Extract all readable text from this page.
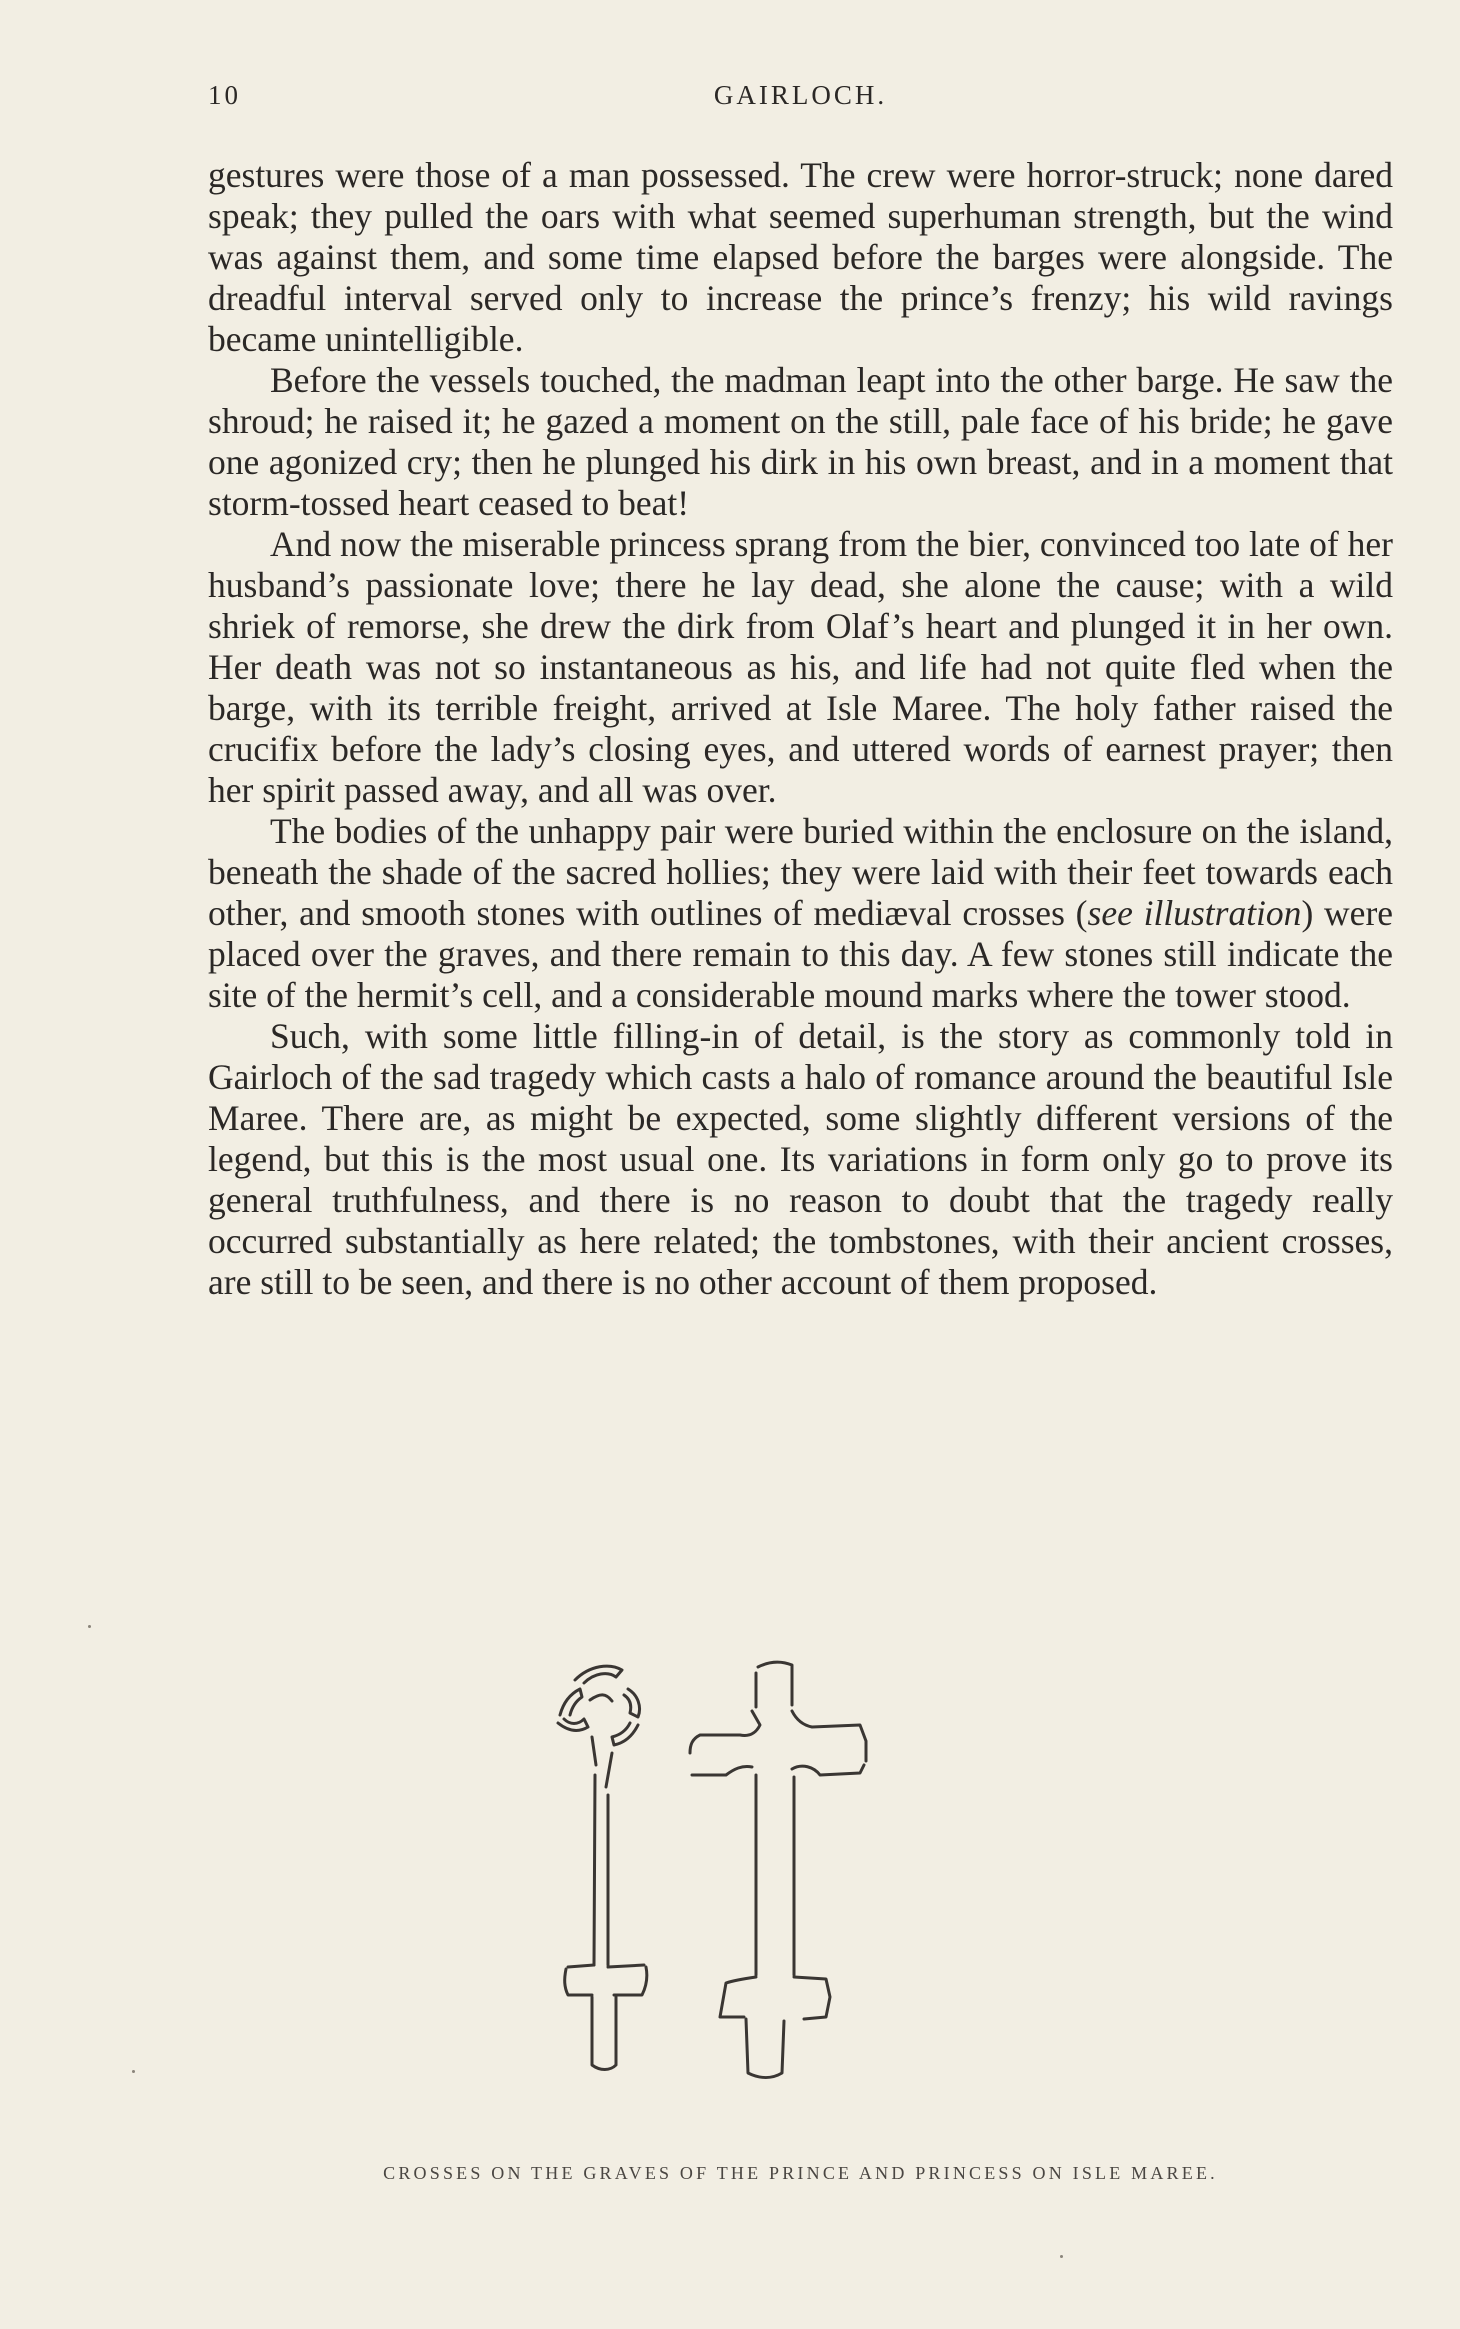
10	GAIRLOCH.

gestures were those of a man possessed. The crew were horror-struck; none dared speak; they pulled the oars with what seemed superhuman strength, but the wind was against them, and some time elapsed before the barges were alongside. The dreadful interval served only to increase the prince’s frenzy; his wild ravings became unintelligible.

Before the vessels touched, the madman leapt into the other barge. He saw the shroud; he raised it; he gazed a moment on the still, pale face of his bride; he gave one agonized cry; then he plunged his dirk in his own breast, and in a moment that storm-tossed heart ceased to beat!

And now the miserable princess sprang from the bier, convinced too late of her husband’s passionate love; there he lay dead, she alone the cause; with a wild shriek of remorse, she drew the dirk from Olaf’s heart and plunged it in her own. Her death was not so instantaneous as his, and life had not quite fled when the barge, with its terrible freight, arrived at Isle Maree. The holy father raised the crucifix before the lady’s closing eyes, and uttered words of earnest prayer; then her spirit passed away, and all was over.

The bodies of the unhappy pair were buried within the enclosure on the island, beneath the shade of the sacred hollies; they were laid with their feet towards each other, and smooth stones with outlines of mediæval crosses (see illustration) were placed over the graves, and there remain to this day. A few stones still indicate the site of the hermit’s cell, and a considerable mound marks where the tower stood.

Such, with some little filling-in of detail, is the story as commonly told in Gairloch of the sad tragedy which casts a halo of romance around the beautiful Isle Maree. There are, as might be expected, some slightly different versions of the legend, but this is the most usual one. Its variations in form only go to prove its general truthfulness, and there is no reason to doubt that the tragedy really occurred substantially as here related; the tombstones, with their ancient crosses, are still to be seen, and there is no other account of them proposed.

CROSSES ON THE GRAVES OF THE PRINCE AND PRINCESS ON ISLE MAREE.
